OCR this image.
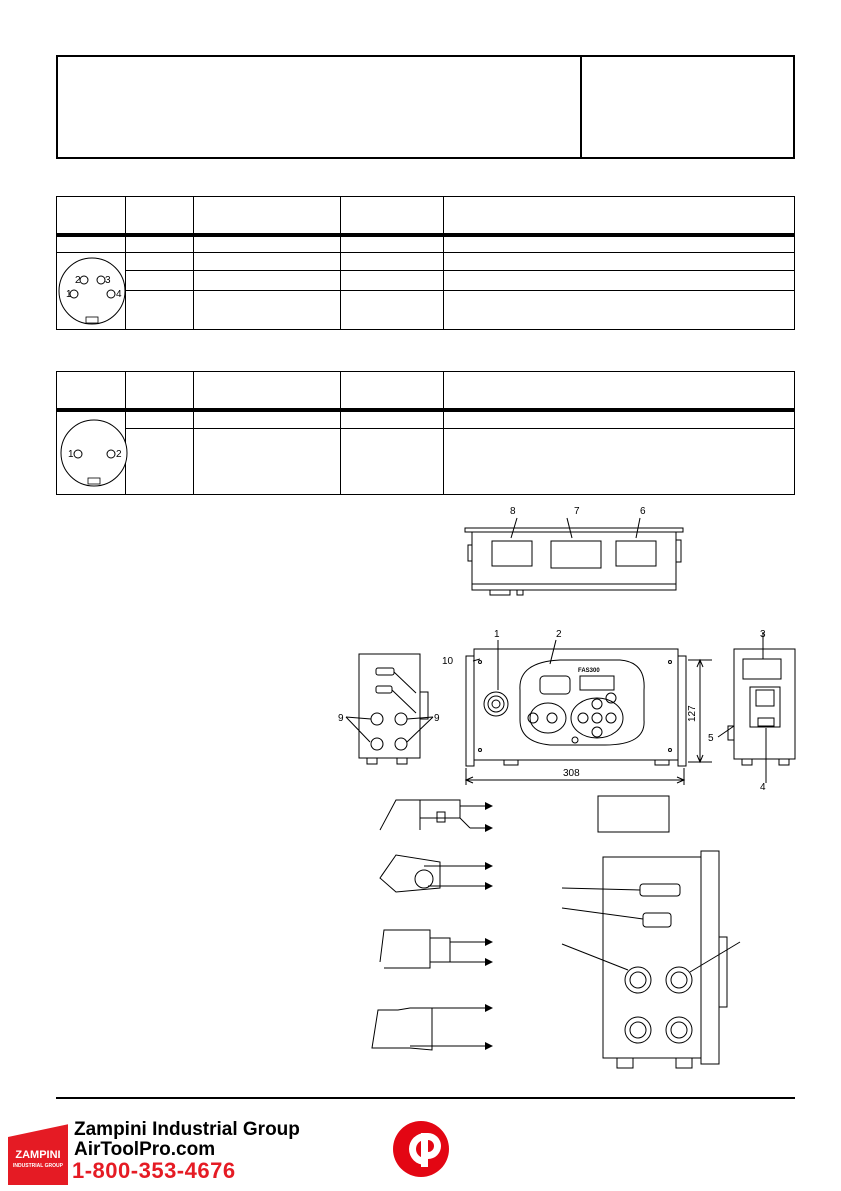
2 3
1 4				

1 2				

8	7	6
1	2	3
10
9	9
5
4
308
127
FAS300
ZAMPINI
INDUSTRIAL GROUP
Zampini Industrial Group
AirToolPro.com
1-800-353-4676
